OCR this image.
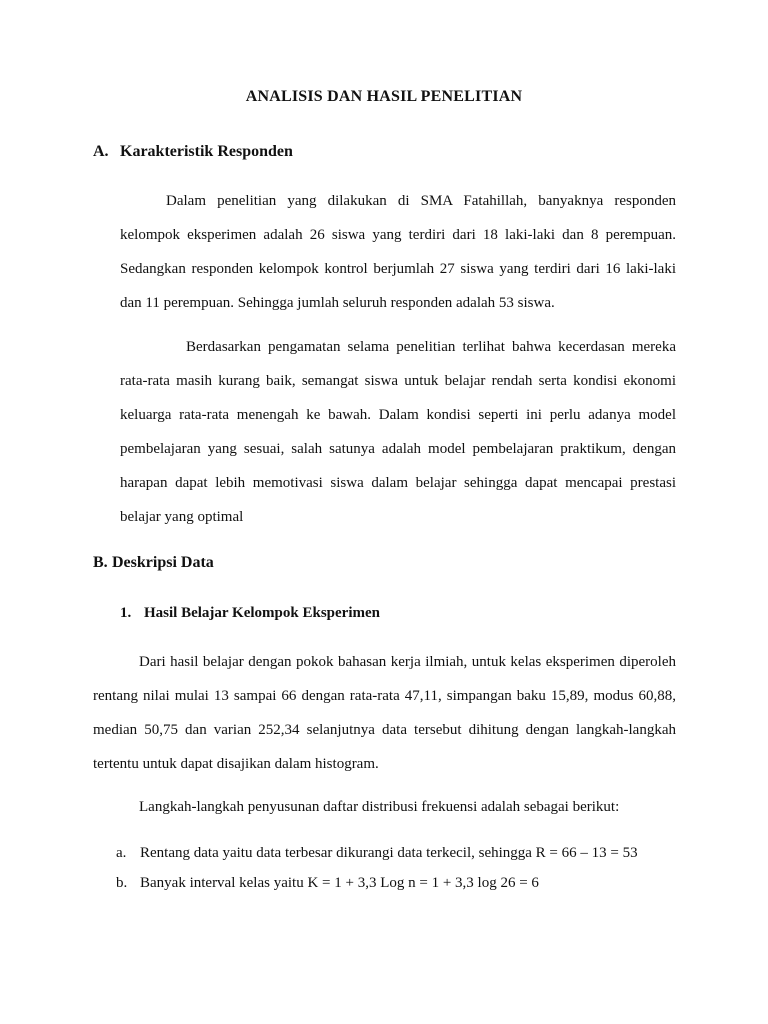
ANALISIS DAN HASIL PENELITIAN
A. Karakteristik Responden

Dalam penelitian yang dilakukan di SMA Fatahillah, banyaknya responden kelompok eksperimen adalah 26 siswa yang terdiri dari 18 laki-laki dan 8 perempuan. Sedangkan responden kelompok kontrol berjumlah 27 siswa yang terdiri dari 16 laki-laki dan 11 perempuan. Sehingga jumlah seluruh responden adalah 53 siswa.

Berdasarkan pengamatan selama penelitian terlihat bahwa kecerdasan mereka rata-rata masih kurang baik, semangat siswa untuk belajar rendah serta kondisi ekonomi keluarga rata-rata menengah ke bawah. Dalam kondisi seperti ini perlu adanya model pembelajaran yang sesuai, salah satunya adalah model pembelajaran praktikum, dengan harapan dapat lebih memotivasi siswa dalam belajar sehingga dapat mencapai prestasi belajar yang optimal

B. Deskripsi Data
1. Hasil Belajar Kelompok Eksperimen

Dari hasil belajar dengan pokok bahasan kerja ilmiah, untuk kelas eksperimen diperoleh rentang nilai mulai 13 sampai 66 dengan rata-rata 47,11, simpangan baku 15,89, modus 60,88, median 50,75 dan varian 252,34 selanjutnya data tersebut dihitung dengan langkah-langkah tertentu untuk dapat disajikan dalam histogram.

Langkah-langkah penyusunan daftar distribusi frekuensi adalah sebagai berikut:

a. Rentang data yaitu data terbesar dikurangi data terkecil, sehingga R = 66 – 13 = 53
b. Banyak interval kelas yaitu K = 1 + 3,3 Log n = 1 + 3,3 log 26 = 6
